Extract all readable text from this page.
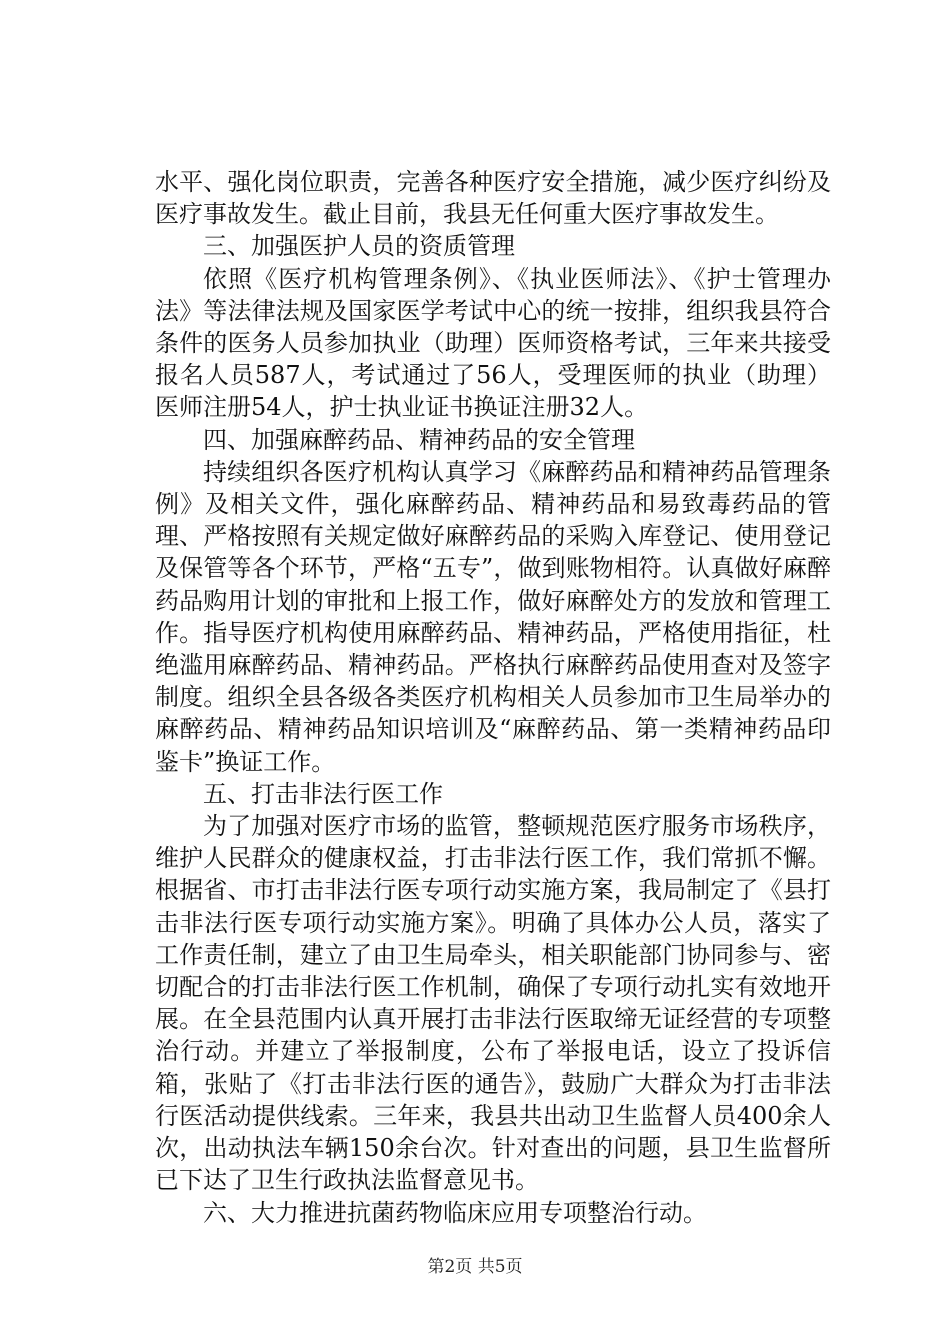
水平、强化岗位职责，完善各种医疗安全措施，减少医疗纠纷及医疗事故发生。截止目前，我县无任何重大医疗事故发生。

三、加强医护人员的资质管理

依照《医疗机构管理条例》、《执业医师法》、《护士管理办法》等法律法规及国家医学考试中心的统一按排，组织我县符合条件的医务人员参加执业（助理）医师资格考试，三年来共接受报名人员587人，考试通过了56人，受理医师的执业（助理）医师注册54人，护士执业证书换证注册32人。

四、加强麻醉药品、精神药品的安全管理

持续组织各医疗机构认真学习《麻醉药品和精神药品管理条例》及相关文件，强化麻醉药品、精神药品和易致毒药品的管理、严格按照有关规定做好麻醉药品的采购入库登记、使用登记及保管等各个环节，严格“五专”，做到账物相符。认真做好麻醉药品购用计划的审批和上报工作，做好麻醉处方的发放和管理工作。指导医疗机构使用麻醉药品、精神药品，严格使用指征，杜绝滥用麻醉药品、精神药品。严格执行麻醉药品使用查对及签字制度。组织全县各级各类医疗机构相关人员参加市卫生局举办的麻醉药品、精神药品知识培训及“麻醉药品、第一类精神药品印鉴卡”换证工作。

五、打击非法行医工作

为了加强对医疗市场的监管，整顿规范医疗服务市场秩序，维护人民群众的健康权益，打击非法行医工作，我们常抓不懈。根据省、市打击非法行医专项行动实施方案，我局制定了《县打击非法行医专项行动实施方案》。明确了具体办公人员，落实了工作责任制，建立了由卫生局牵头，相关职能部门协同参与、密切配合的打击非法行医工作机制，确保了专项行动扎实有效地开展。在全县范围内认真开展打击非法行医取缔无证经营的专项整治行动。并建立了举报制度，公布了举报电话，设立了投诉信箱，张贴了《打击非法行医的通告》，鼓励广大群众为打击非法行医活动提供线索。三年来，我县共出动卫生监督人员400余人次，出动执法车辆150余台次。针对查出的问题，县卫生监督所已下达了卫生行政执法监督意见书。

六、大力推进抗菌药物临床应用专项整治行动。

第2页 共5页
